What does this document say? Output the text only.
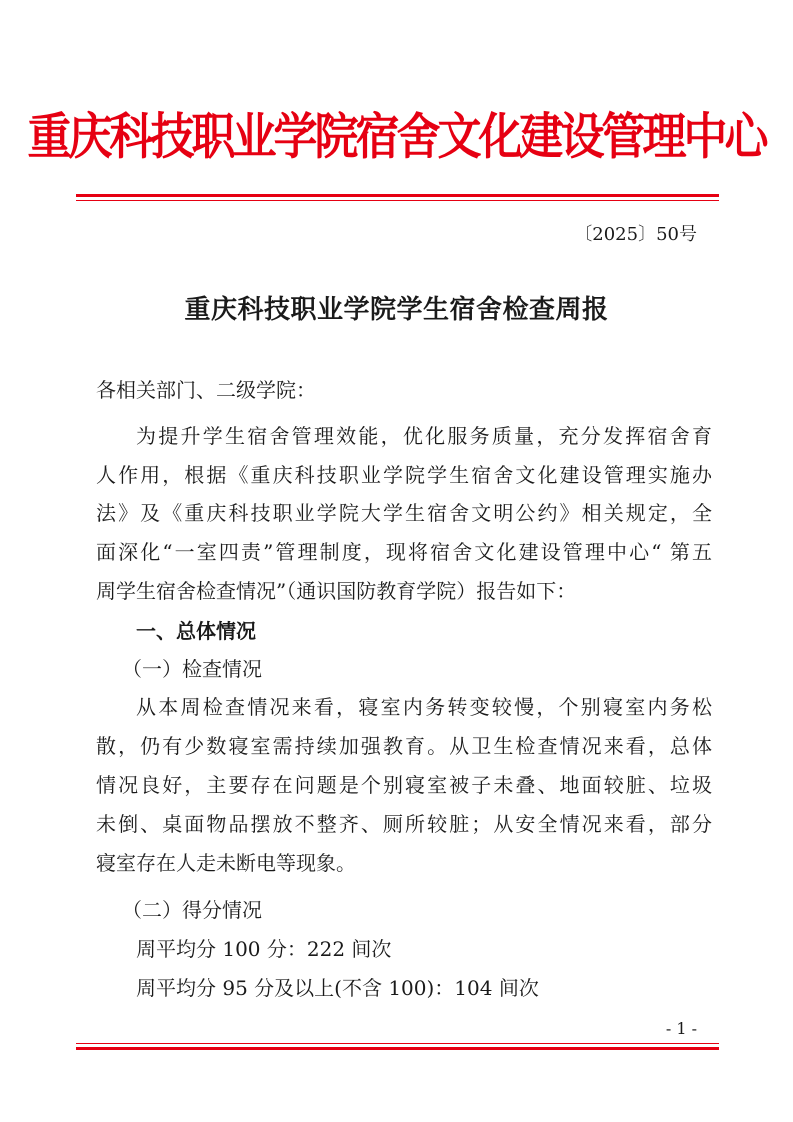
重庆科技职业学院宿舍文化建设管理中心
〔2025〕50号
重庆科技职业学院学生宿舍检查周报
各相关部门、二级学院：
为提升学生宿舍管理效能，优化服务质量，充分发挥宿舍育
人作用，根据《重庆科技职业学院学生宿舍文化建设管理实施办
法》及《重庆科技职业学院大学生宿舍文明公约》相关规定，全
面深化“一室四责”管理制度，现将宿舍文化建设管理中心“ 第五
周学生宿舍检查情况”（通识国防教育学院）报告如下：
一、总体情况
（一）检查情况
从本周检查情况来看，寝室内务转变较慢，个别寝室内务松
散，仍有少数寝室需持续加强教育。从卫生检查情况来看，总体
情况良好，主要存在问题是个别寝室被子未叠、地面较脏、垃圾
未倒、桌面物品摆放不整齐、厕所较脏；从安全情况来看，部分
寝室存在人走未断电等现象。
（二）得分情况
周平均分 100 分：222 间次
周平均分 95 分及以上(不含 100)：104 间次
- 1 -
